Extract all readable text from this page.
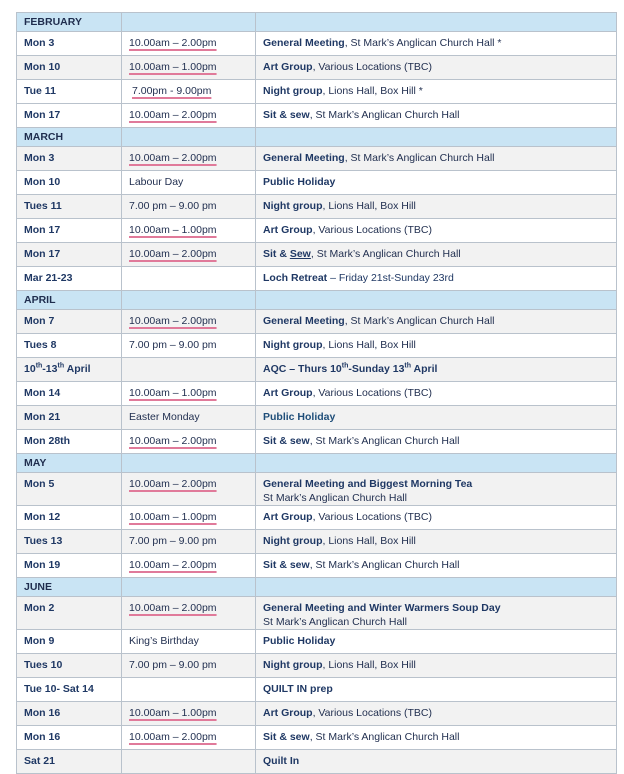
FEBRUARY		
Mon 3	10.00am – 2.00pm	General Meeting, St Mark’s Anglican Church Hall *
Mon 10	10.00am – 1.00pm	Art Group, Various Locations (TBC)
Tue 11	7.00pm - 9.00pm	Night group, Lions Hall, Box Hill *
Mon 17	10.00am – 2.00pm	Sit & sew, St Mark’s Anglican Church Hall
MARCH		
Mon 3	10.00am – 2.00pm	General Meeting, St Mark’s Anglican Church Hall
Mon 10	Labour Day	Public Holiday
Tues 11	7.00 pm – 9.00 pm	Night group, Lions Hall, Box Hill
Mon 17	10.00am – 1.00pm	Art Group, Various Locations (TBC)
Mon 17	10.00am – 2.00pm	Sit & Sew, St Mark’s Anglican Church Hall
Mar 21-23		Loch Retreat – Friday 21st-Sunday 23rd
APRIL		
Mon 7	10.00am – 2.00pm	General Meeting, St Mark’s Anglican Church Hall
Tues 8	7.00 pm – 9.00 pm	Night group, Lions Hall, Box Hill
10th-13th April		AQC – Thurs 10th-Sunday 13th April
Mon 14	10.00am – 1.00pm	Art Group, Various Locations (TBC)
Mon 21	Easter Monday	Public Holiday
Mon 28th	10.00am – 2.00pm	Sit & sew, St Mark’s Anglican Church Hall
MAY		
Mon 5	10.00am – 2.00pm	General Meeting and Biggest Morning Tea
St Mark’s Anglican Church Hall

Mon 12	10.00am – 1.00pm	Art Group, Various Locations (TBC)
Tues 13	7.00 pm – 9.00 pm	Night group, Lions Hall, Box Hill
Mon 19	10.00am – 2.00pm	Sit & sew, St Mark’s Anglican Church Hall
JUNE		
Mon 2	10.00am – 2.00pm	General Meeting and Winter Warmers Soup Day
St Mark’s Anglican Church Hall

Mon 9	King’s Birthday	Public Holiday
Tues 10	7.00 pm – 9.00 pm	Night group, Lions Hall, Box Hill
Tue 10- Sat 14		QUILT IN prep
Mon 16	10.00am – 1.00pm	Art Group, Various Locations (TBC)
Mon 16	10.00am – 2.00pm	Sit & sew, St Mark’s Anglican Church Hall
Sat 21		Quilt In
